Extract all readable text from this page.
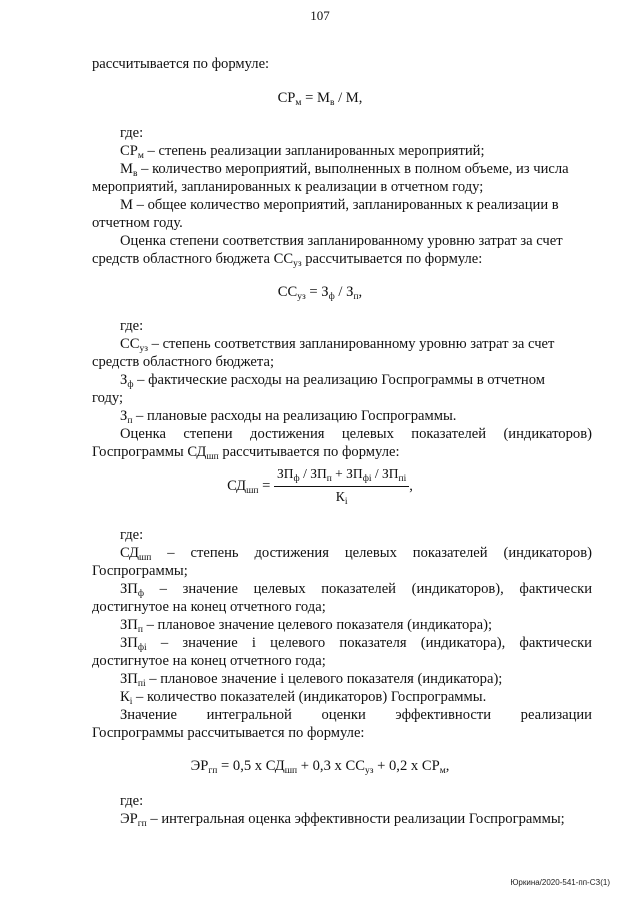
107
рассчитывается по формуле:
$СР_м = М_в / М$,
где:
$СР_м$ – степень реализации запланированных мероприятий;
$М_в$ – количество мероприятий, выполненных в полном объеме, из числа
мероприятий, запланированных к реализации в отчетном году;
М – общее количество мероприятий, запланированных к реализации в
отчетном году.
Оценка степени соответствия запланированному уровню затрат за счет
средств областного бюджета $СС_{уз}$ рассчитывается по формуле:
$СС_{уз} = З_ф / З_п$,
где:
$СС_{уз}$ – степень соответствия запланированному уровню затрат за счет
средств областного бюджета;
$З_ф$ – фактические расходы на реализацию Госпрограммы в отчетном
году;
$З_п$ – плановые расходы на реализацию Госпрограммы.
Оценка степени достижения целевых показателей (индикаторов)
Госпрограммы $СД_{шп}$ рассчитывается по формуле:
$СД_{шп} = \frac{ЗП_ф / ЗП_п + ЗП_{фi} / ЗП_{пi}}{К_i}$ ,
где:
$СД_{шп}$ – степень достижения целевых показателей (индикаторов)
Госпрограммы;
$ЗП_ф$ – значение целевых показателей (индикаторов), фактически
достигнутое на конец отчетного года;
$ЗП_п$ – плановое значение целевого показателя (индикатора);
$ЗП_{фi}$ – значение i целевого показателя (индикатора), фактически
достигнутое на конец отчетного года;
$ЗП_{пi}$ – плановое значение i целевого показателя (индикатора);
$К_i$ – количество показателей (индикаторов) Госпрограммы.
Значение интегральной оценки эффективности реализации
Госпрограммы рассчитывается по формуле:
$ЭР_{гп} = 0,5$ х $СД_{шп} + 0,3$ х $СС_{уз} + 0,2$ х $СР_м$,
где:
$ЭР_{гп}$ – интегральная оценка эффективности реализации Госпрограммы;
Юркина/2020-541-пп-СЗ(1)
